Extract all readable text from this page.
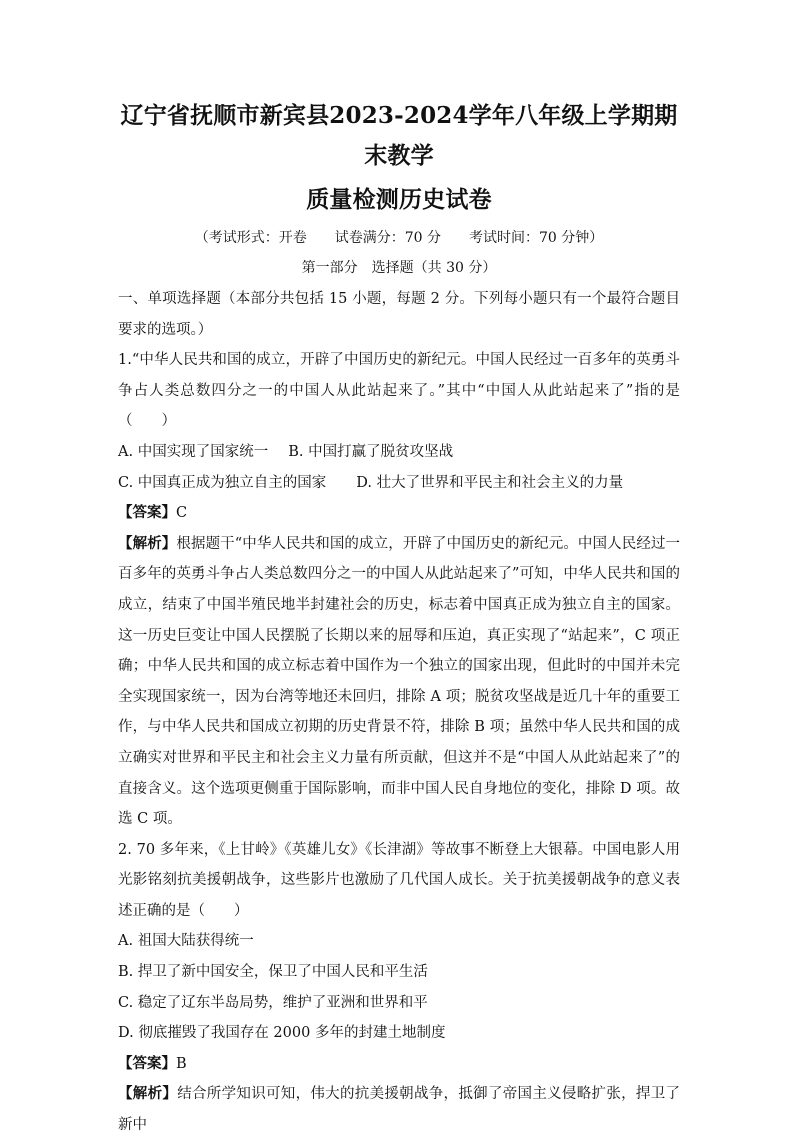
辽宁省抚顺市新宾县2023-2024学年八年级上学期期末教学
质量检测历史试卷
（考试形式：开卷　　试卷满分：70 分　　考试时间：70 分钟）
第一部分　选择题（共 30 分）

一、单项选择题（本部分共包括 15 小题，每题 2 分。下列每小题只有一个最符合题目要求的选项。）

1.“中华人民共和国的成立，开辟了中国历史的新纪元。中国人民经过一百多年的英勇斗争占人类总数四分之一的中国人从此站起来了。”其中“中国人从此站起来了”指的是（　　）

A. 中国实现了国家统一 B. 中国打赢了脱贫攻坚战
C. 中国真正成为独立自主的国家 D. 壮大了世界和平民主和社会主义的力量

【答案】C

【解析】根据题干“中华人民共和国的成立，开辟了中国历史的新纪元。中国人民经过一百多年的英勇斗争占人类总数四分之一的中国人从此站起来了”可知，中华人民共和国的成立，结束了中国半殖民地半封建社会的历史，标志着中国真正成为独立自主的国家。这一历史巨变让中国人民摆脱了长期以来的屈辱和压迫，真正实现了“站起来”，C 项正确；中华人民共和国的成立标志着中国作为一个独立的国家出现，但此时的中国并未完全实现国家统一，因为台湾等地还未回归，排除 A 项；脱贫攻坚战是近几十年的重要工作，与中华人民共和国成立初期的历史背景不符，排除 B 项；虽然中华人民共和国的成立确实对世界和平民主和社会主义力量有所贡献，但这并不是“中国人从此站起来了”的直接含义。这个选项更侧重于国际影响，而非中国人民自身地位的变化，排除 D 项。故选 C 项。

2. 70 多年来，《上甘岭》《英雄儿女》《长津湖》等故事不断登上大银幕。中国电影人用光影铭刻抗美援朝战争，这些影片也激励了几代国人成长。关于抗美援朝战争的意义表述正确的是（　　）

A. 祖国大陆获得统一

B. 捍卫了新中国安全，保卫了中国人民和平生活

C. 稳定了辽东半岛局势，维护了亚洲和世界和平

D. 彻底摧毁了我国存在 2000 多年的封建土地制度

【答案】B

【解析】结合所学知识可知，伟大的抗美援朝战争，抵御了帝国主义侵略扩张，捍卫了新中
